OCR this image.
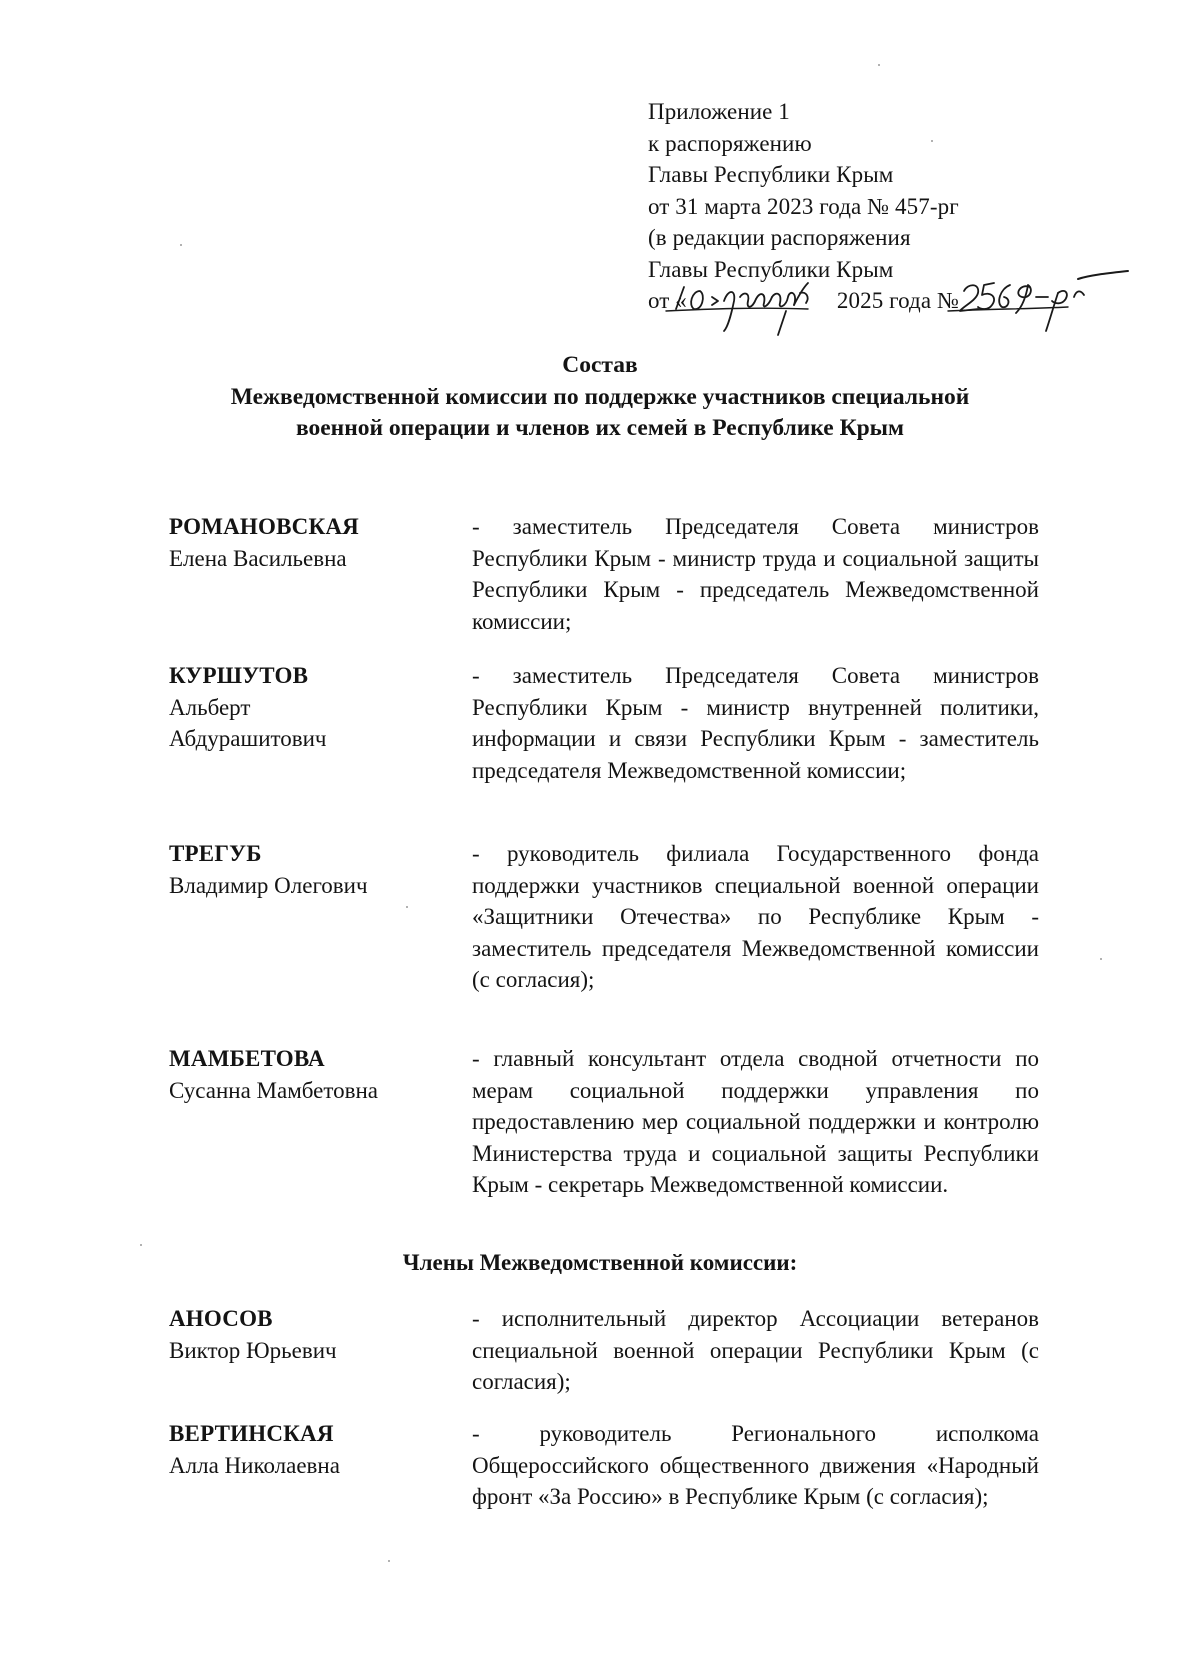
Приложение 1
к распоряжению
Главы Республики Крым
от 31 марта 2023 года № 457-рг
(в редакции распоряжения
Главы Республики Крым
от «	2025 года №
Состав
Межведомственной комиссии по поддержке участников специальной
военной операции и членов их семей в Республике Крым
РОМАНОВСКАЯ
Елена Васильевна
- заместитель Председателя Совета министров Республики Крым - министр труда и социальной защиты Республики Крым - председатель Межведомственной комиссии;
КУРШУТОВ
Альберт
Абдурашитович
- заместитель Председателя Совета министров Республики Крым - министр внутренней политики, информации и связи Республики Крым - заместитель председателя Межведомственной комиссии;
ТРЕГУБ
Владимир Олегович
- руководитель филиала Государственного фонда поддержки участников специальной военной операции «Защитники Отечества» по Республике Крым - заместитель председателя Межведомственной комиссии (с согласия);
МАМБЕТОВА
Сусанна Мамбетовна
- главный консультант отдела сводной отчетности по мерам социальной поддержки управления по предоставлению мер социальной поддержки и контролю Министерства труда и социальной защиты Республики Крым - секретарь Межведомственной комиссии.
Члены Межведомственной комиссии:
АНОСОВ
Виктор Юрьевич
- исполнительный директор Ассоциации ветеранов специальной военной операции Республики Крым (с согласия);
ВЕРТИНСКАЯ
Алла Николаевна
- руководитель Регионального исполкома Общероссийского общественного движения «Народный фронт «За Россию» в Республике Крым (с согласия);
